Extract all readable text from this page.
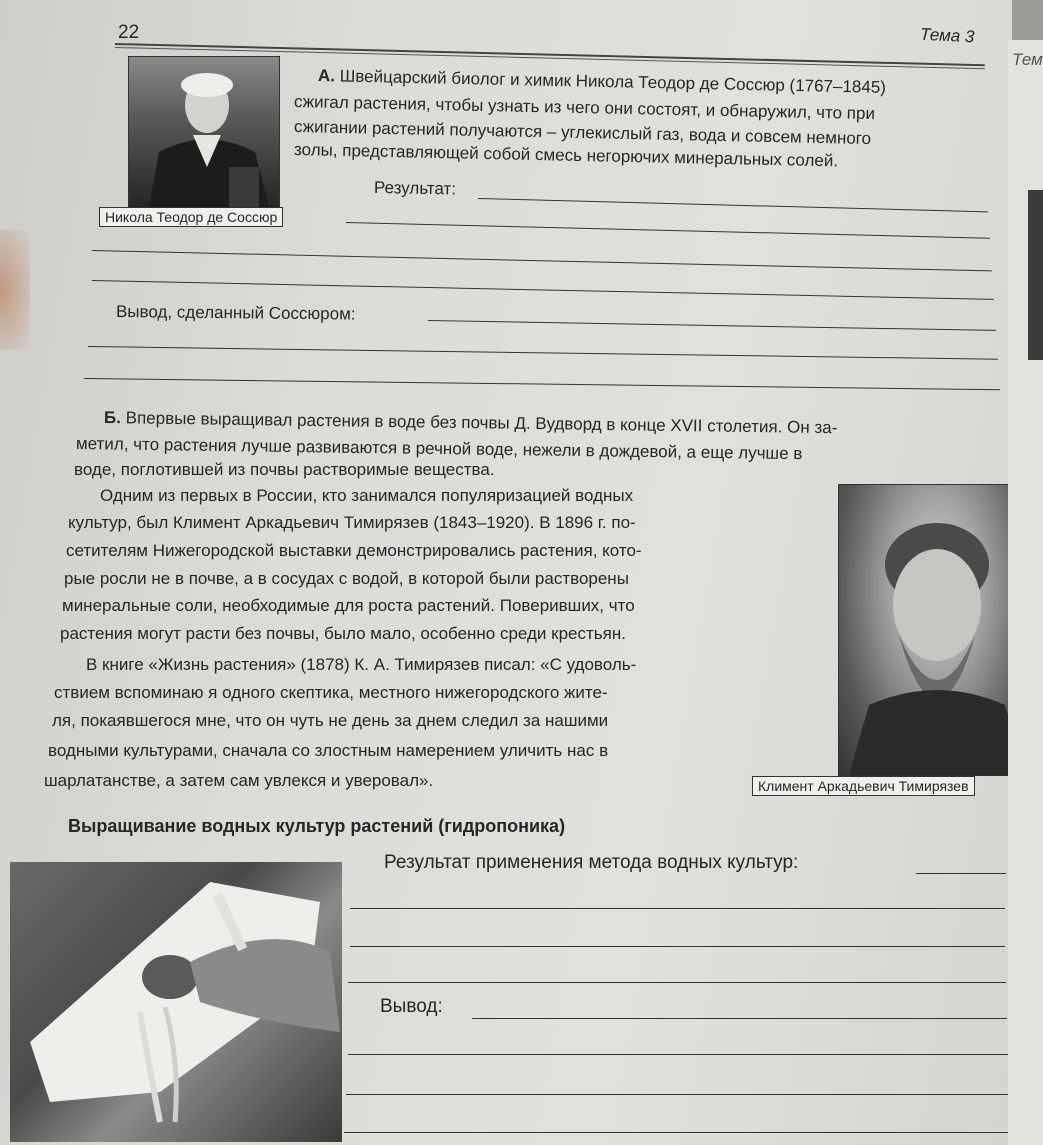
22	Тема 3
Никола Теодор де Соссюр
А. Швейцарский биолог и химик Никола Теодор де Соссюр (1767–1845)
сжигал растения, чтобы узнать из чего они состоят, и обнаружил, что при
сжигании растений получаются – углекислый газ, вода и совсем немного
золы, представляющей собой смесь негорючих минеральных солей.
Результат:
Вывод, сделанный Соссюром:
Б. Впервые выращивал растения в воде без почвы Д. Вудворд в конце XVII столетия. Он за-
метил, что растения лучше развиваются в речной воде, нежели в дождевой, а еще лучше в
воде, поглотившей из почвы растворимые вещества.
Одним из первых в России, кто занимался популяризацией водных
культур, был Климент Аркадьевич Тимирязев (1843–1920). В 1896 г. по-
сетителям Нижегородской выставки демонстрировались растения, кото-
рые росли не в почве, а в сосудах с водой, в которой были растворены
минеральные соли, необходимые для роста растений. Поверивших, что
растения могут расти без почвы, было мало, особенно среди крестьян.
В книге «Жизнь растения» (1878) К. А. Тимирязев писал: «С удоволь-
ствием вспоминаю я одного скептика, местного нижегородского жите-
ля, покаявшегося мне, что он чуть не день за днем следил за нашими
водными культурами, сначала со злостным намерением уличить нас в
шарлатанстве, а затем сам увлекся и уверовал».	Климент Аркадьевич Тимирязев
Выращивание водных культур растений (гидропоника)
Результат применения метода водных культур:
Вывод:
Тем
